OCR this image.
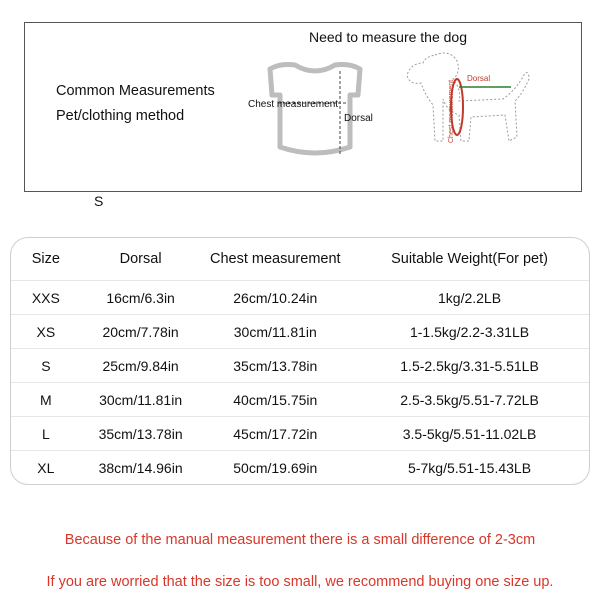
Need to measure the dog
Common Measurements
Pet/clothing method
Chest measurement
Dorsal
Dorsal
Chest measurement
S
Size	Dorsal	Chest measurement	Suitable Weight(For pet)
XXS	16cm/6.3in	26cm/10.24in	1kg/2.2LB
XS	20cm/7.78in	30cm/11.81in	1-1.5kg/2.2-3.31LB
S	25cm/9.84in	35cm/13.78in	1.5-2.5kg/3.31-5.51LB
M	30cm/11.81in	40cm/15.75in	2.5-3.5kg/5.51-7.72LB
L	35cm/13.78in	45cm/17.72in	3.5-5kg/5.51-11.02LB
XL	38cm/14.96in	50cm/19.69in	5-7kg/5.51-15.43LB
Because of the manual measurement there is a small difference of 2-3cm
If you are worried that the size is too small, we recommend buying one size up.
